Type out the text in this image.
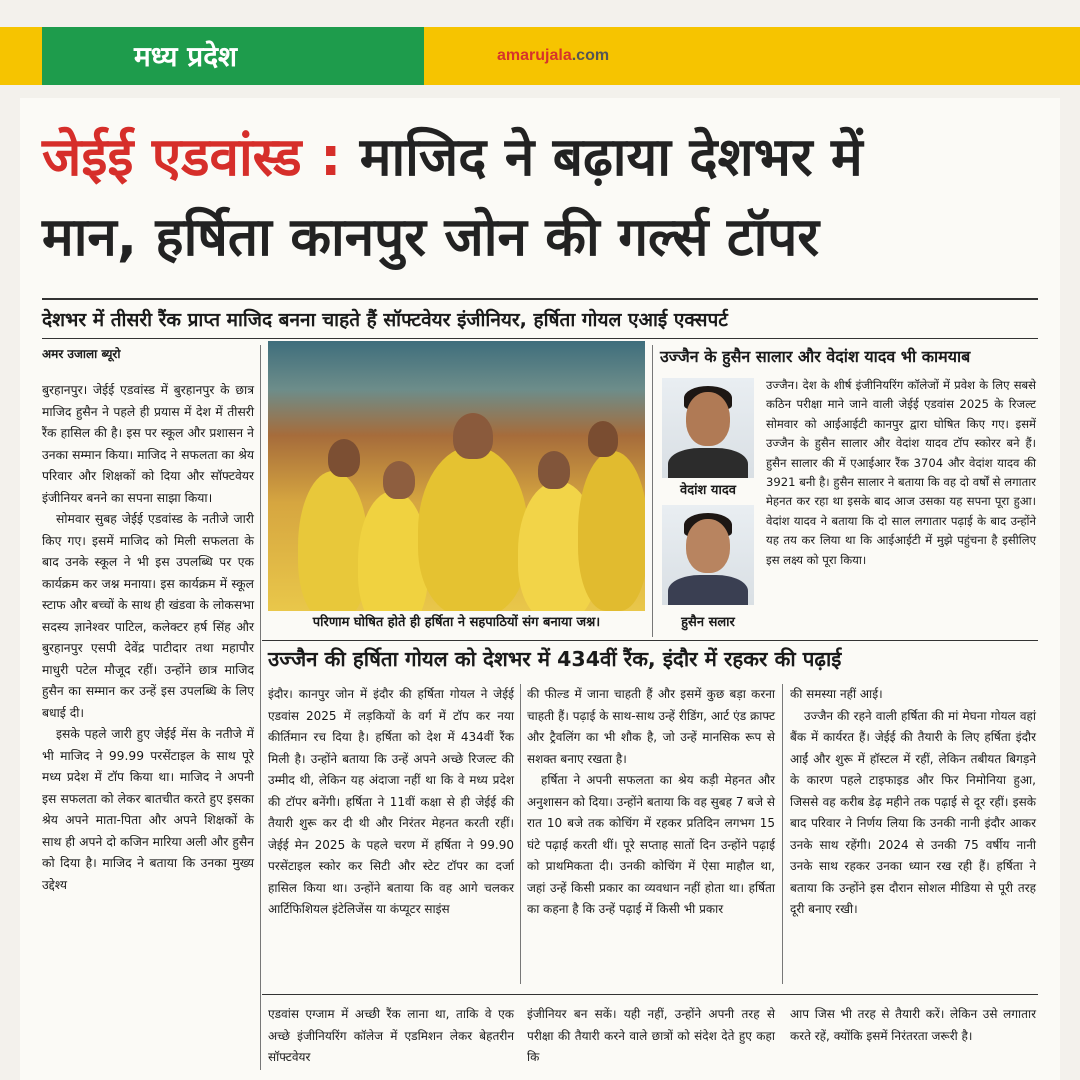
मध्य प्रदेश	amarujala.com
जेईई एडवांस्ड : माजिद ने बढ़ाया देशभर में
मान, हर्षिता कानपुर जोन की गर्ल्स टॉपर
देशभर में तीसरी रैंक प्राप्त माजिद बनना चाहते हैं सॉफ्टवेयर इंजीनियर, हर्षिता गोयल एआई एक्सपर्ट
अमर उजाला ब्यूरो

बुरहानपुर। जेईई एडवांस्ड में बुरहानपुर के छात्र माजिद हुसैन ने पहले ही प्रयास में देश में तीसरी रैंक हासिल की है। इस पर स्कूल और प्रशासन ने उनका सम्मान किया। माजिद ने सफलता का श्रेय परिवार और शिक्षकों को दिया और सॉफ्टवेयर इंजीनियर बनने का सपना साझा किया।

सोमवार सुबह जेईई एडवांस्ड के नतीजे जारी किए गए। इसमें माजिद को मिली सफलता के बाद उनके स्कूल ने भी इस उपलब्धि पर एक कार्यक्रम कर जश्न मनाया। इस कार्यक्रम में स्कूल स्टाफ और बच्चों के साथ ही खंडवा के लोकसभा सदस्य ज्ञानेश्वर पाटिल, कलेक्टर हर्ष सिंह और बुरहानपुर एसपी देवेंद्र पाटीदार तथा महापौर माधुरी पटेल मौजूद रहीं। उन्होंने छात्र माजिद हुसैन का सम्मान कर उन्हें इस उपलब्धि के लिए बधाई दी।

इसके पहले जारी हुए जेईई मेंस के नतीजे में भी माजिद ने 99.99 परसेंटाइल के साथ पूरे मध्य प्रदेश में टॉप किया था। माजिद ने अपनी इस सफलता को लेकर बातचीत करते हुए इसका श्रेय अपने माता-पिता और अपने शिक्षकों के साथ ही अपने दो कजिन मारिया अली और हुसैन को दिया है। माजिद ने बताया कि उनका मुख्य उद्देश्य

परिणाम घोषित होते ही हर्षिता ने सहपाठियों संग बनाया जश्न।
उज्जैन के हुसैन सालार और वेदांश यादव भी कामयाब
वेदांश यादव
हुसैन सलार

उज्जैन। देश के शीर्ष इंजीनियरिंग कॉलेजों में प्रवेश के लिए सबसे कठिन परीक्षा माने जाने वाली जेईई एडवांस 2025 के रिजल्ट सोमवार को आईआईटी कानपुर द्वारा घोषित किए गए। इसमें उज्जैन के हुसैन सालार और वेदांश यादव टॉप स्कोरर बने हैं। हुसैन सालार की में एआईआर रैंक 3704 और वेदांश यादव की 3921 बनी है। हुसैन सालार ने बताया कि वह दो वर्षों से लगातार मेहनत कर रहा था इसके बाद आज उसका यह सपना पूरा हुआ। वेदांश यादव ने बताया कि दो साल लगातार पढ़ाई के बाद उन्होंने यह तय कर लिया था कि आईआईटी में मुझे पहुंचना है इसीलिए इस लक्ष्य को पूरा किया।

उज्जैन की हर्षिता गोयल को देशभर में 434वीं रैंक, इंदौर में रहकर की पढ़ाई

इंदौर। कानपुर जोन में इंदौर की हर्षिता गोयल ने जेईई एडवांस 2025 में लड़कियों के वर्ग में टॉप कर नया कीर्तिमान रच दिया है। हर्षिता को देश में 434वीं रैंक मिली है। उन्होंने बताया कि उन्हें अपने अच्छे रिजल्ट की उम्मीद थी, लेकिन यह अंदाजा नहीं था कि वे मध्य प्रदेश की टॉपर बनेंगी। हर्षिता ने 11वीं कक्षा से ही जेईई की तैयारी शुरू कर दी थी और निरंतर मेहनत करती रहीं। जेईई मेन 2025 के पहले चरण में हर्षिता ने 99.90 परसेंटाइल स्कोर कर सिटी और स्टेट टॉपर का दर्जा हासिल किया था। उन्होंने बताया कि वह आगे चलकर आर्टिफिशियल इंटेलिजेंस या कंप्यूटर साइंस

की फील्ड में जाना चाहती हैं और इसमें कुछ बड़ा करना चाहती हैं। पढ़ाई के साथ-साथ उन्हें रीडिंग, आर्ट एंड क्राफ्ट और ट्रैवलिंग का भी शौक है, जो उन्हें मानसिक रूप से सशक्त बनाए रखता है।

हर्षिता ने अपनी सफलता का श्रेय कड़ी मेहनत और अनुशासन को दिया। उन्होंने बताया कि वह सुबह 7 बजे से रात 10 बजे तक कोचिंग में रहकर प्रतिदिन लगभग 15 घंटे पढ़ाई करती थीं। पूरे सप्ताह सातों दिन उन्होंने पढ़ाई को प्राथमिकता दी। उनकी कोचिंग में ऐसा माहौल था, जहां उन्हें किसी प्रकार का व्यवधान नहीं होता था। हर्षिता का कहना है कि उन्हें पढ़ाई में किसी भी प्रकार

की समस्या नहीं आई।

उज्जैन की रहने वाली हर्षिता की मां मेघना गोयल वहां बैंक में कार्यरत हैं। जेईई की तैयारी के लिए हर्षिता इंदौर आईं और शुरू में हॉस्टल में रहीं, लेकिन तबीयत बिगड़ने के कारण पहले टाइफाइड और फिर निमोनिया हुआ, जिससे वह करीब डेढ़ महीने तक पढ़ाई से दूर रहीं। इसके बाद परिवार ने निर्णय लिया कि उनकी नानी इंदौर आकर उनके साथ रहेंगी। 2024 से उनकी 75 वर्षीय नानी उनके साथ रहकर उनका ध्यान रख रही हैं। हर्षिता ने बताया कि उन्होंने इस दौरान सोशल मीडिया से पूरी तरह दूरी बनाए रखी।

एडवांस एग्जाम में अच्छी रैंक लाना था, ताकि वे एक अच्छे इंजीनियरिंग कॉलेज में एडमिशन लेकर बेहतरीन सॉफ्टवेयर

इंजीनियर बन सकें। यही नहीं, उन्होंने अपनी तरह से परीक्षा की तैयारी करने वाले छात्रों को संदेश देते हुए कहा कि

आप जिस भी तरह से तैयारी करें। लेकिन उसे लगातार करते रहें, क्योंकि इसमें निरंतरता जरूरी है।
